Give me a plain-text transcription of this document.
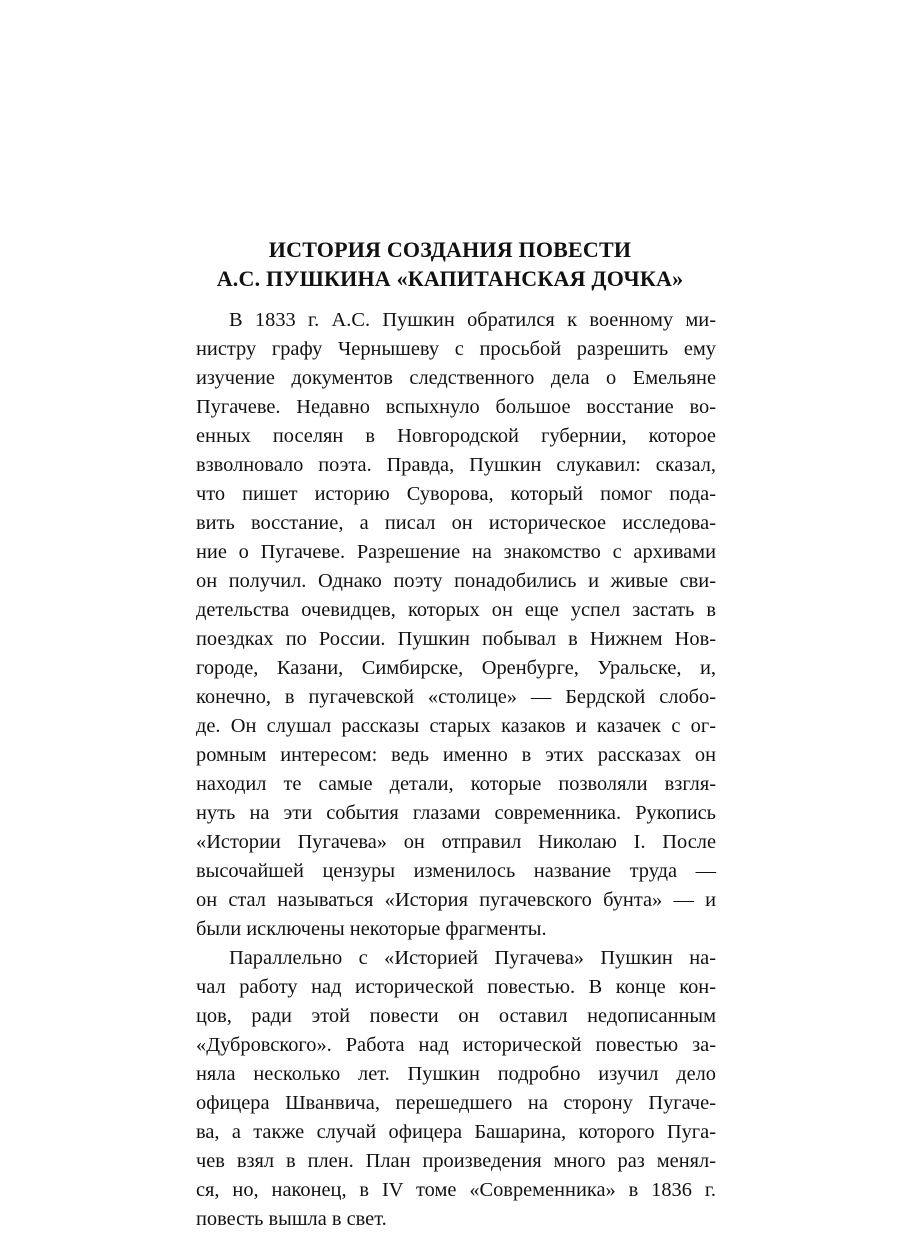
ИСТОРИЯ СОЗДАНИЯ ПОВЕСТИ
А.С. ПУШКИНА «КАПИТАНСКАЯ ДОЧКА»
В 1833 г. А.С. Пушкин обратился к военному ми-
нистру графу Чернышеву с просьбой разрешить ему
изучение документов следственного дела о Емельяне
Пугачеве. Недавно вспыхнуло большое восстание во-
енных поселян в Новгородской губернии, которое
взволновало поэта. Правда, Пушкин слукавил: сказал,
что пишет историю Суворова, который помог пода-
вить восстание, а писал он историческое исследова-
ние о Пугачеве. Разрешение на знакомство с архивами
он получил. Однако поэту понадобились и живые сви-
детельства очевидцев, которых он еще успел застать в
поездках по России. Пушкин побывал в Нижнем Нов-
городе, Казани, Симбирске, Оренбурге, Уральске, и,
конечно, в пугачевской «столице» — Бердской слобо-
де. Он слушал рассказы старых казаков и казачек с ог-
ромным интересом: ведь именно в этих рассказах он
находил те самые детали, которые позволяли взгля-
нуть на эти события глазами современника. Рукопись
«Истории Пугачева» он отправил Николаю I. После
высочайшей цензуры изменилось название труда —
он стал называться «История пугачевского бунта» — и
были исключены некоторые фрагменты.
Параллельно с «Историей Пугачева» Пушкин на-
чал работу над исторической повестью. В конце кон-
цов, ради этой повести он оставил недописанным
«Дубровского». Работа над исторической повестью за-
няла несколько лет. Пушкин подробно изучил дело
офицера Шванвича, перешедшего на сторону Пугаче-
ва, а также случай офицера Башарина, которого Пуга-
чев взял в плен. План произведения много раз менял-
ся, но, наконец, в IV томе «Современника» в 1836 г.
повесть вышла в свет.
